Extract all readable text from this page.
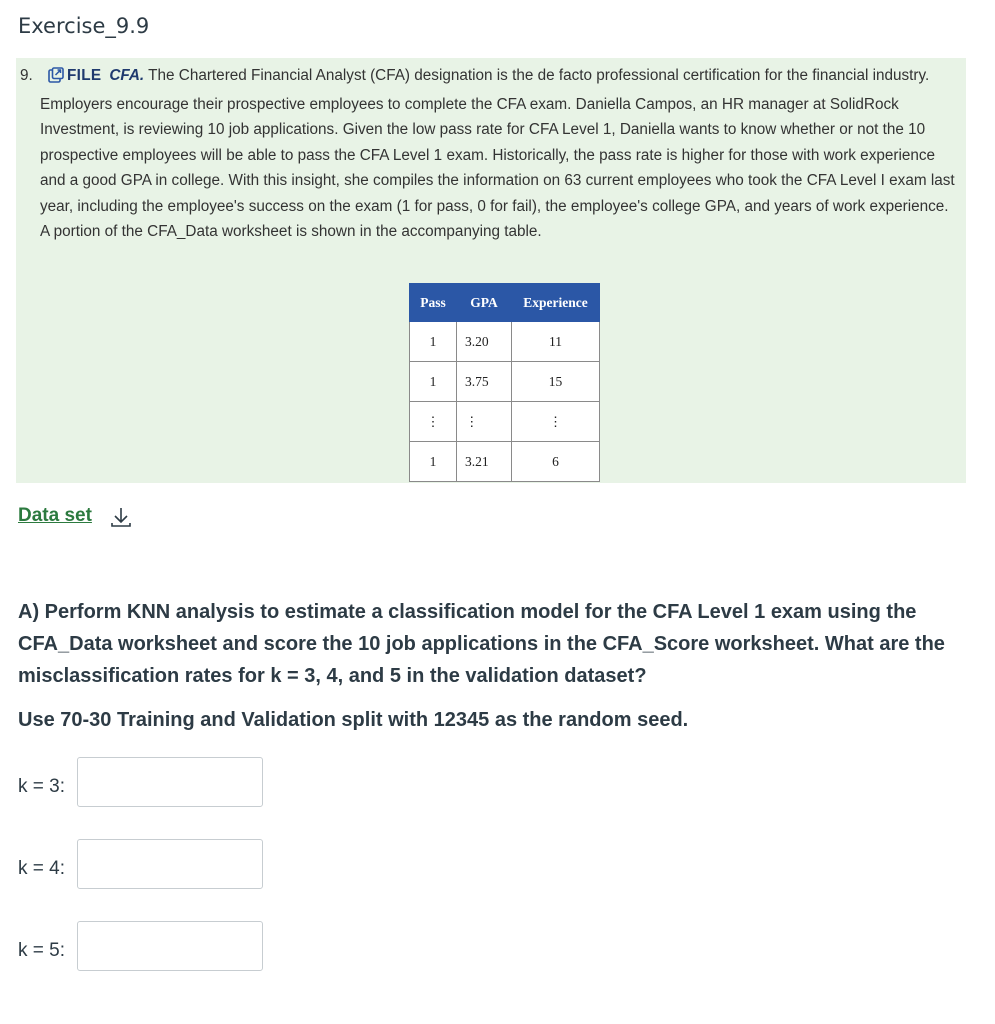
Exercise_9.9
9.	FILE CFA. The Chartered Financial Analyst (CFA) designation is the de facto professional certification for the financial industry. Employers encourage their prospective employees to complete the CFA exam. Daniella Campos, an HR manager at SolidRock Investment, is reviewing 10 job applications. Given the low pass rate for CFA Level 1, Daniella wants to know whether or not the 10 prospective employees will be able to pass the CFA Level 1 exam. Historically, the pass rate is higher for those with work experience and a good GPA in college. With this insight, she compiles the information on 63 current employees who took the CFA Level I exam last year, including the employee's success on the exam (1 for pass, 0 for fail), the employee's college GPA, and years of work experience. A portion of the CFA_Data worksheet is shown in the accompanying table.
Pass	GPA	Experience
1	3.20	11
1	3.75	15
⋮	⋮	⋮
1	3.21	6
Data set

A) Perform KNN analysis to estimate a classification model for the CFA Level 1 exam using the CFA_Data worksheet and score the 10 job applications in the CFA_Score worksheet. What are the misclassification rates for k = 3, 4, and 5 in the validation dataset?

Use 70-30 Training and Validation split with 12345 as the random seed.

k = 3:
k = 4:
k = 5:
